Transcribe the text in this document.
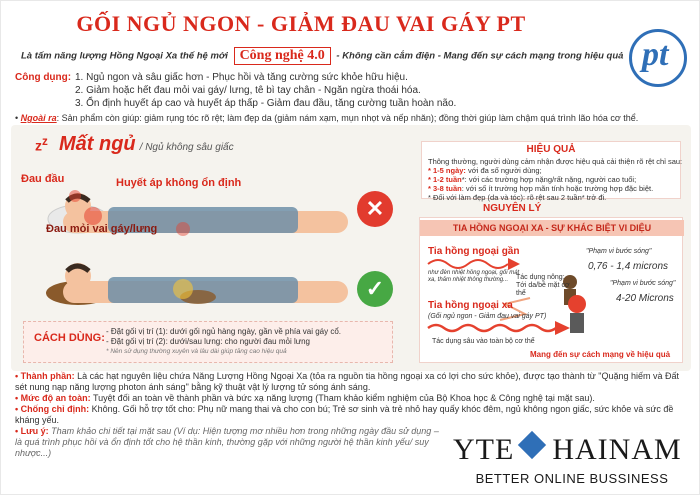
GỐI NGỦ NGON - GIẢM ĐAU VAI GÁY PT
pt
Là tấm năng lượng Hồng Ngoại Xa thế hệ mới Công nghệ 4.0 - Không cần cắm điện - Mang đến sự cách mạng trong hiệu quả
Công dụng: 1. Ngủ ngon và sâu giấc hơn - Phục hồi và tăng cường sức khỏe hữu hiệu.
2. Giảm hoặc hết đau mỏi vai gáy/ lưng, tê bì tay chân - Ngăn ngừa thoái hóa.
3. Ổn định huyết áp cao và huyết áp thấp - Giảm đau đầu, tăng cường tuần hoàn não.
• Ngoài ra: Sản phẩm còn giúp: giảm rụng tóc rõ rệt; làm đẹp da (giảm nám xạm, mụn nhọt và nếp nhăn); đồng thời giúp làm chậm quá trình lão hóa cơ thể.
$z^z$ Mất ngủ / Ngủ không sâu giấc
Đau đầu	Huyết áp không ổn định
Đau mỏi vai gáy/lưng
✕
✓
CÁCH DÙNG:
- Đặt gối vị trí (1): dưới gối ngủ hàng ngày, gần về phía vai gáy cổ.
- Đặt gối vị trí (2): dưới/sau lưng: cho người đau mỏi lưng
* Nên sử dụng thường xuyên và lâu dài giúp tăng cao hiệu quả
HIỆU QUẢ
Thông thường, người dùng cảm nhận được hiệu quả cải thiện rõ rệt chỉ sau:
* 1-5 ngày: với đa số người dùng;
* 1-2 tuần*: với các trường hợp nặng/rất nặng, người cao tuổi;
* 3-8 tuần: với số ít trường hợp mãn tính hoặc trường hợp đặc biệt.
* Đối với làm đẹp (da và tóc): rõ rệt sau 2 tuần* trở đi.
NGUYÊN LÝ
TIA HỒNG NGOẠI XA - SỰ KHÁC BIỆT VI DIỆU
Tia hồng ngoại gần
như đèn nhiệt hồng ngoại, gối mát xa, thảm nhiệt thông thường...	Tác dụng nông: Tới da/bề mặt cơ thể
"Phạm vi bước sóng"
0,76 - 1,4 microns
"Phạm vi bước sóng"
4-20 Microns
Tia hồng ngoại xa
(Gối ngủ ngon - Giảm đau vai gáy PT)
Tác dụng sâu vào toàn bộ cơ thể
Mang đến sự cách mạng về hiệu quả
• Thành phần: Là các hạt nguyên liệu chứa Năng Lượng Hồng Ngoại Xa (tỏa ra nguồn tia hồng ngoại xa có lợi cho sức khỏe), được tạo thành từ "Quặng hiếm và Đất sét nung nạp năng lượng photon ánh sáng" bằng kỹ thuật vật lý lượng tử sóng ánh sáng.
• Mức độ an toàn: Tuyệt đối an toàn về thành phần và bức xạ năng lượng (Tham khảo kiểm nghiệm của Bộ Khoa học & Công nghệ tại mặt sau).
• Chống chỉ định: Không. Gối hỗ trợ tốt cho: Phụ nữ mang thai và cho con bú; Trẻ sơ sinh và trẻ nhỏ hay quấy khóc đêm, ngủ không ngon giấc, sức khỏe và sức đề kháng yếu.
• Lưu ý: Tham khảo chi tiết tại mặt sau (Ví dụ: Hiện tượng mơ nhiều hơn trong những ngày đầu sử dụng – là quá trình phục hồi và ổn định tốt cho hệ thần kinh, thường gặp với những người hệ thần kinh yếu/ suy nhược...)	YTE HAINAM
BETTER ONLINE BUSSINESS
